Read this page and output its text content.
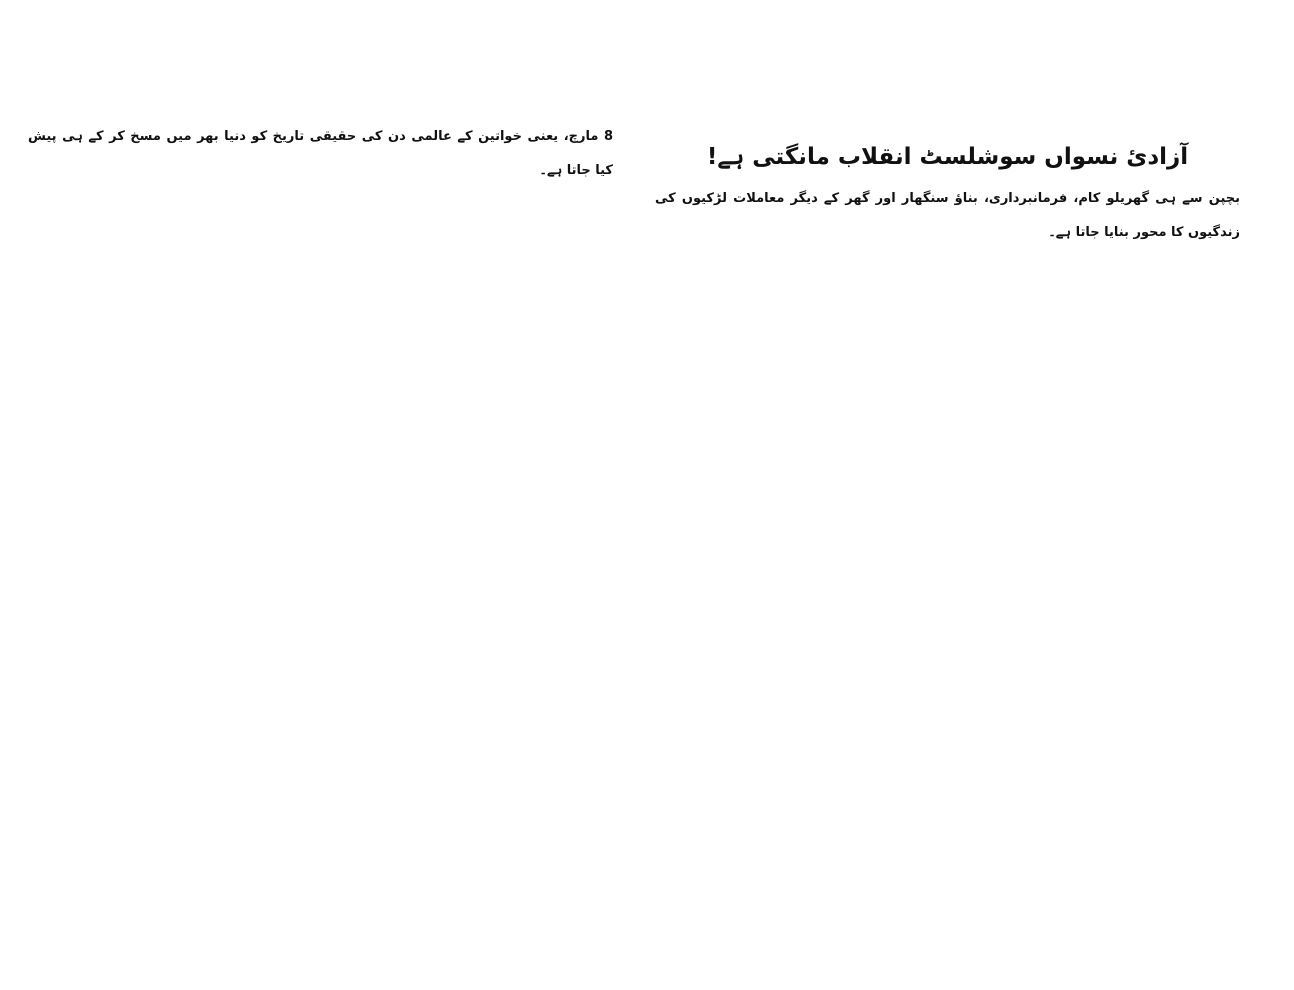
آزادئ نسواں سوشلسٹ انقلاب مانگتی ہے!

بچپن سے ہی گھریلو کام، فرمانبرداری، بناؤ سنگھار اور گھر کے دیگر معاملات لڑکیوں کی زندگیوں کا محور بنایا جاتا ہے۔

8 مارچ، یعنی خواتین کے عالمی دن کی حقیقی تاریخ کو دنیا بھر میں مسخ کر کے ہی پیش کیا جاتا ہے۔
